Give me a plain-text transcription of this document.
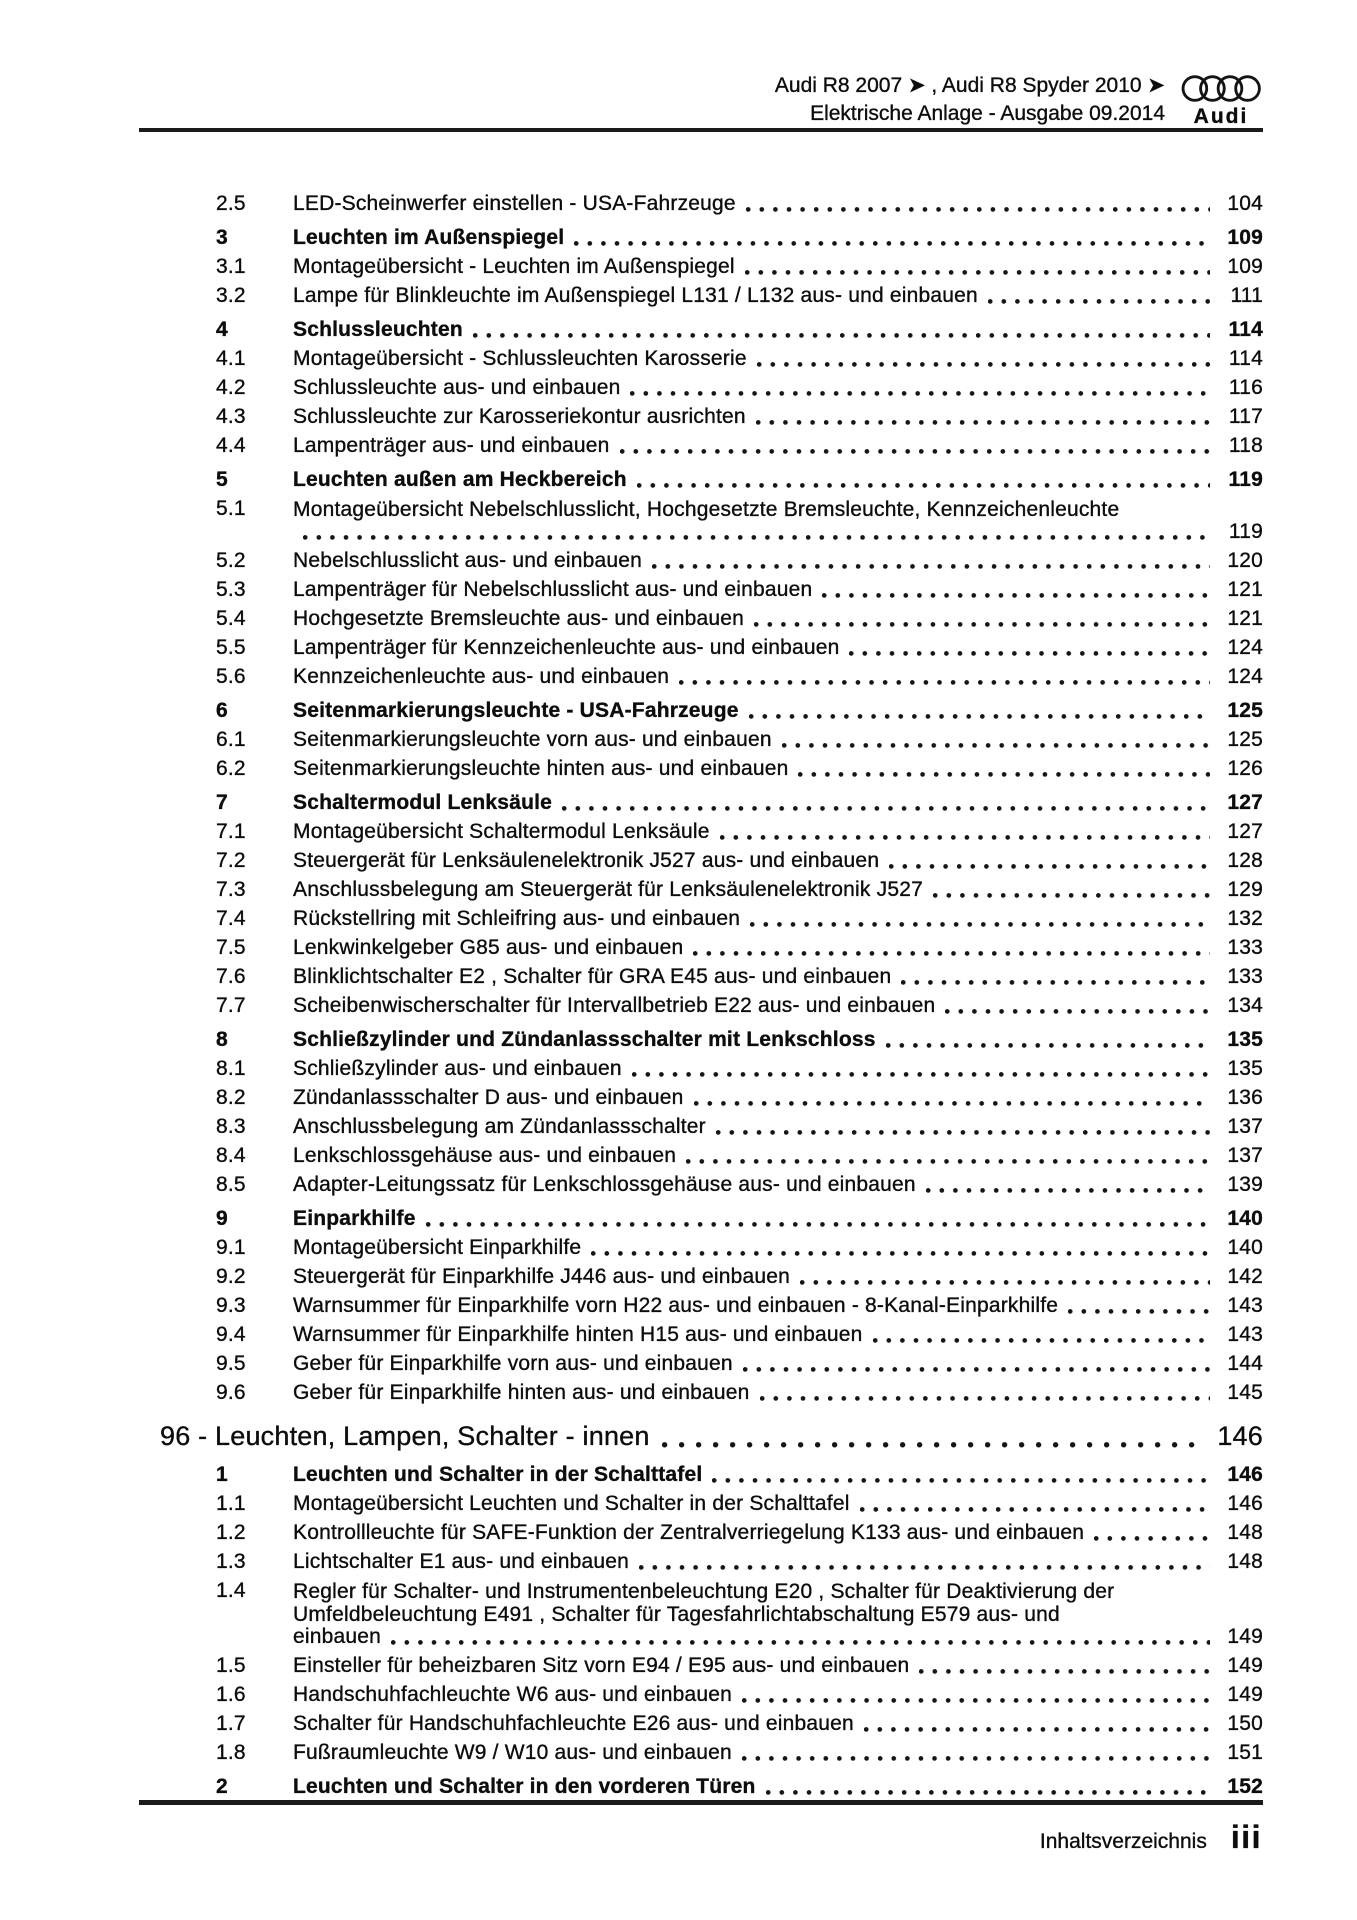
Audi R8 2007 ➤ , Audi R8 Spyder 2010 ➤
Elektrische Anlage - Ausgabe 09.2014	Audi
2.5	LED-Scheinwerfer einstellen - USA-Fahrzeuge	104
3	Leuchten im Außenspiegel	109
3.1	Montageübersicht - Leuchten im Außenspiegel	109
3.2	Lampe für Blinkleuchte im Außenspiegel L131 / L132 aus- und einbauen	111
4	Schlussleuchten	114
4.1	Montageübersicht - Schlussleuchten Karosserie	114
4.2	Schlussleuchte aus- und einbauen	116
4.3	Schlussleuchte zur Karosseriekontur ausrichten	117
4.4	Lampenträger aus- und einbauen	118
5	Leuchten außen am Heckbereich	119
5.1	Montageübersicht Nebelschlusslicht, Hochgesetzte Bremsleuchte, Kennzeichenleuchte
119
5.2	Nebelschlusslicht aus- und einbauen	120
5.3	Lampenträger für Nebelschlusslicht aus- und einbauen	121
5.4	Hochgesetzte Bremsleuchte aus- und einbauen	121
5.5	Lampenträger für Kennzeichenleuchte aus- und einbauen	124
5.6	Kennzeichenleuchte aus- und einbauen	124
6	Seitenmarkierungsleuchte - USA-Fahrzeuge	125
6.1	Seitenmarkierungsleuchte vorn aus- und einbauen	125
6.2	Seitenmarkierungsleuchte hinten aus- und einbauen	126
7	Schaltermodul Lenksäule	127
7.1	Montageübersicht Schaltermodul Lenksäule	127
7.2	Steuergerät für Lenksäulenelektronik J527 aus- und einbauen	128
7.3	Anschlussbelegung am Steuergerät für Lenksäulenelektronik J527	129
7.4	Rückstellring mit Schleifring aus- und einbauen	132
7.5	Lenkwinkelgeber G85 aus- und einbauen	133
7.6	Blinklichtschalter E2 , Schalter für GRA E45 aus- und einbauen	133
7.7	Scheibenwischerschalter für Intervallbetrieb E22 aus- und einbauen	134
8	Schließzylinder und Zündanlassschalter mit Lenkschloss	135
8.1	Schließzylinder aus- und einbauen	135
8.2	Zündanlassschalter D aus- und einbauen	136
8.3	Anschlussbelegung am Zündanlassschalter	137
8.4	Lenkschlossgehäuse aus- und einbauen	137
8.5	Adapter-Leitungssatz für Lenkschlossgehäuse aus- und einbauen	139
9	Einparkhilfe	140
9.1	Montageübersicht Einparkhilfe	140
9.2	Steuergerät für Einparkhilfe J446 aus- und einbauen	142
9.3	Warnsummer für Einparkhilfe vorn H22 aus- und einbauen - 8-Kanal-Einparkhilfe	143
9.4	Warnsummer für Einparkhilfe hinten H15 aus- und einbauen	143
9.5	Geber für Einparkhilfe vorn aus- und einbauen	144
9.6	Geber für Einparkhilfe hinten aus- und einbauen	145
96 - Leuchten, Lampen, Schalter - innen	146
1	Leuchten und Schalter in der Schalttafel	146
1.1	Montageübersicht Leuchten und Schalter in der Schalttafel	146
1.2	Kontrollleuchte für SAFE-Funktion der Zentralverriegelung K133 aus- und einbauen	148
1.3	Lichtschalter E1 aus- und einbauen	148
1.4	Regler für Schalter- und Instrumentenbeleuchtung E20 , Schalter für Deaktivierung der
Umfeldbeleuchtung E491 , Schalter für Tagesfahrlichtabschaltung E579 aus- und
einbauen	149
1.5	Einsteller für beheizbaren Sitz vorn E94 / E95 aus- und einbauen	149
1.6	Handschuhfachleuchte W6 aus- und einbauen	149
1.7	Schalter für Handschuhfachleuchte E26 aus- und einbauen	150
1.8	Fußraumleuchte W9 / W10 aus- und einbauen	151
2	Leuchten und Schalter in den vorderen Türen	152
Inhaltsverzeichnis iii
